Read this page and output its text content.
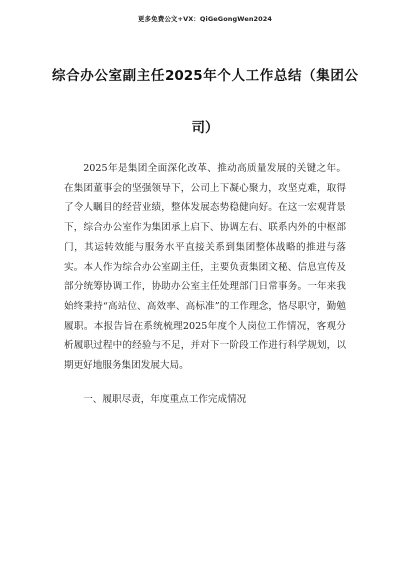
更多免费公文+VX：QiGeGongWen2024
综合办公室副主任2025年个人工作总结（集团公
司）

2025年是集团全面深化改革、推动高质量发展的关键之年。在集团董事会的坚强领导下，公司上下凝心聚力，攻坚克难，取得了令人瞩目的经营业绩，整体发展态势稳健向好。在这一宏观背景下，综合办公室作为集团承上启下、协调左右、联系内外的中枢部门，其运转效能与服务水平直接关系到集团整体战略的推进与落实。本人作为综合办公室副主任，主要负责集团文秘、信息宣传及部分统筹协调工作，协助办公室主任处理部门日常事务。一年来我始终秉持“高站位、高效率、高标准”的工作理念，恪尽职守，勤勉履职。本报告旨在系统梳理2025年度个人岗位工作情况，客观分析履职过程中的经验与不足，并对下一阶段工作进行科学规划，以期更好地服务集团发展大局。

一、履职尽责，年度重点工作完成情况
